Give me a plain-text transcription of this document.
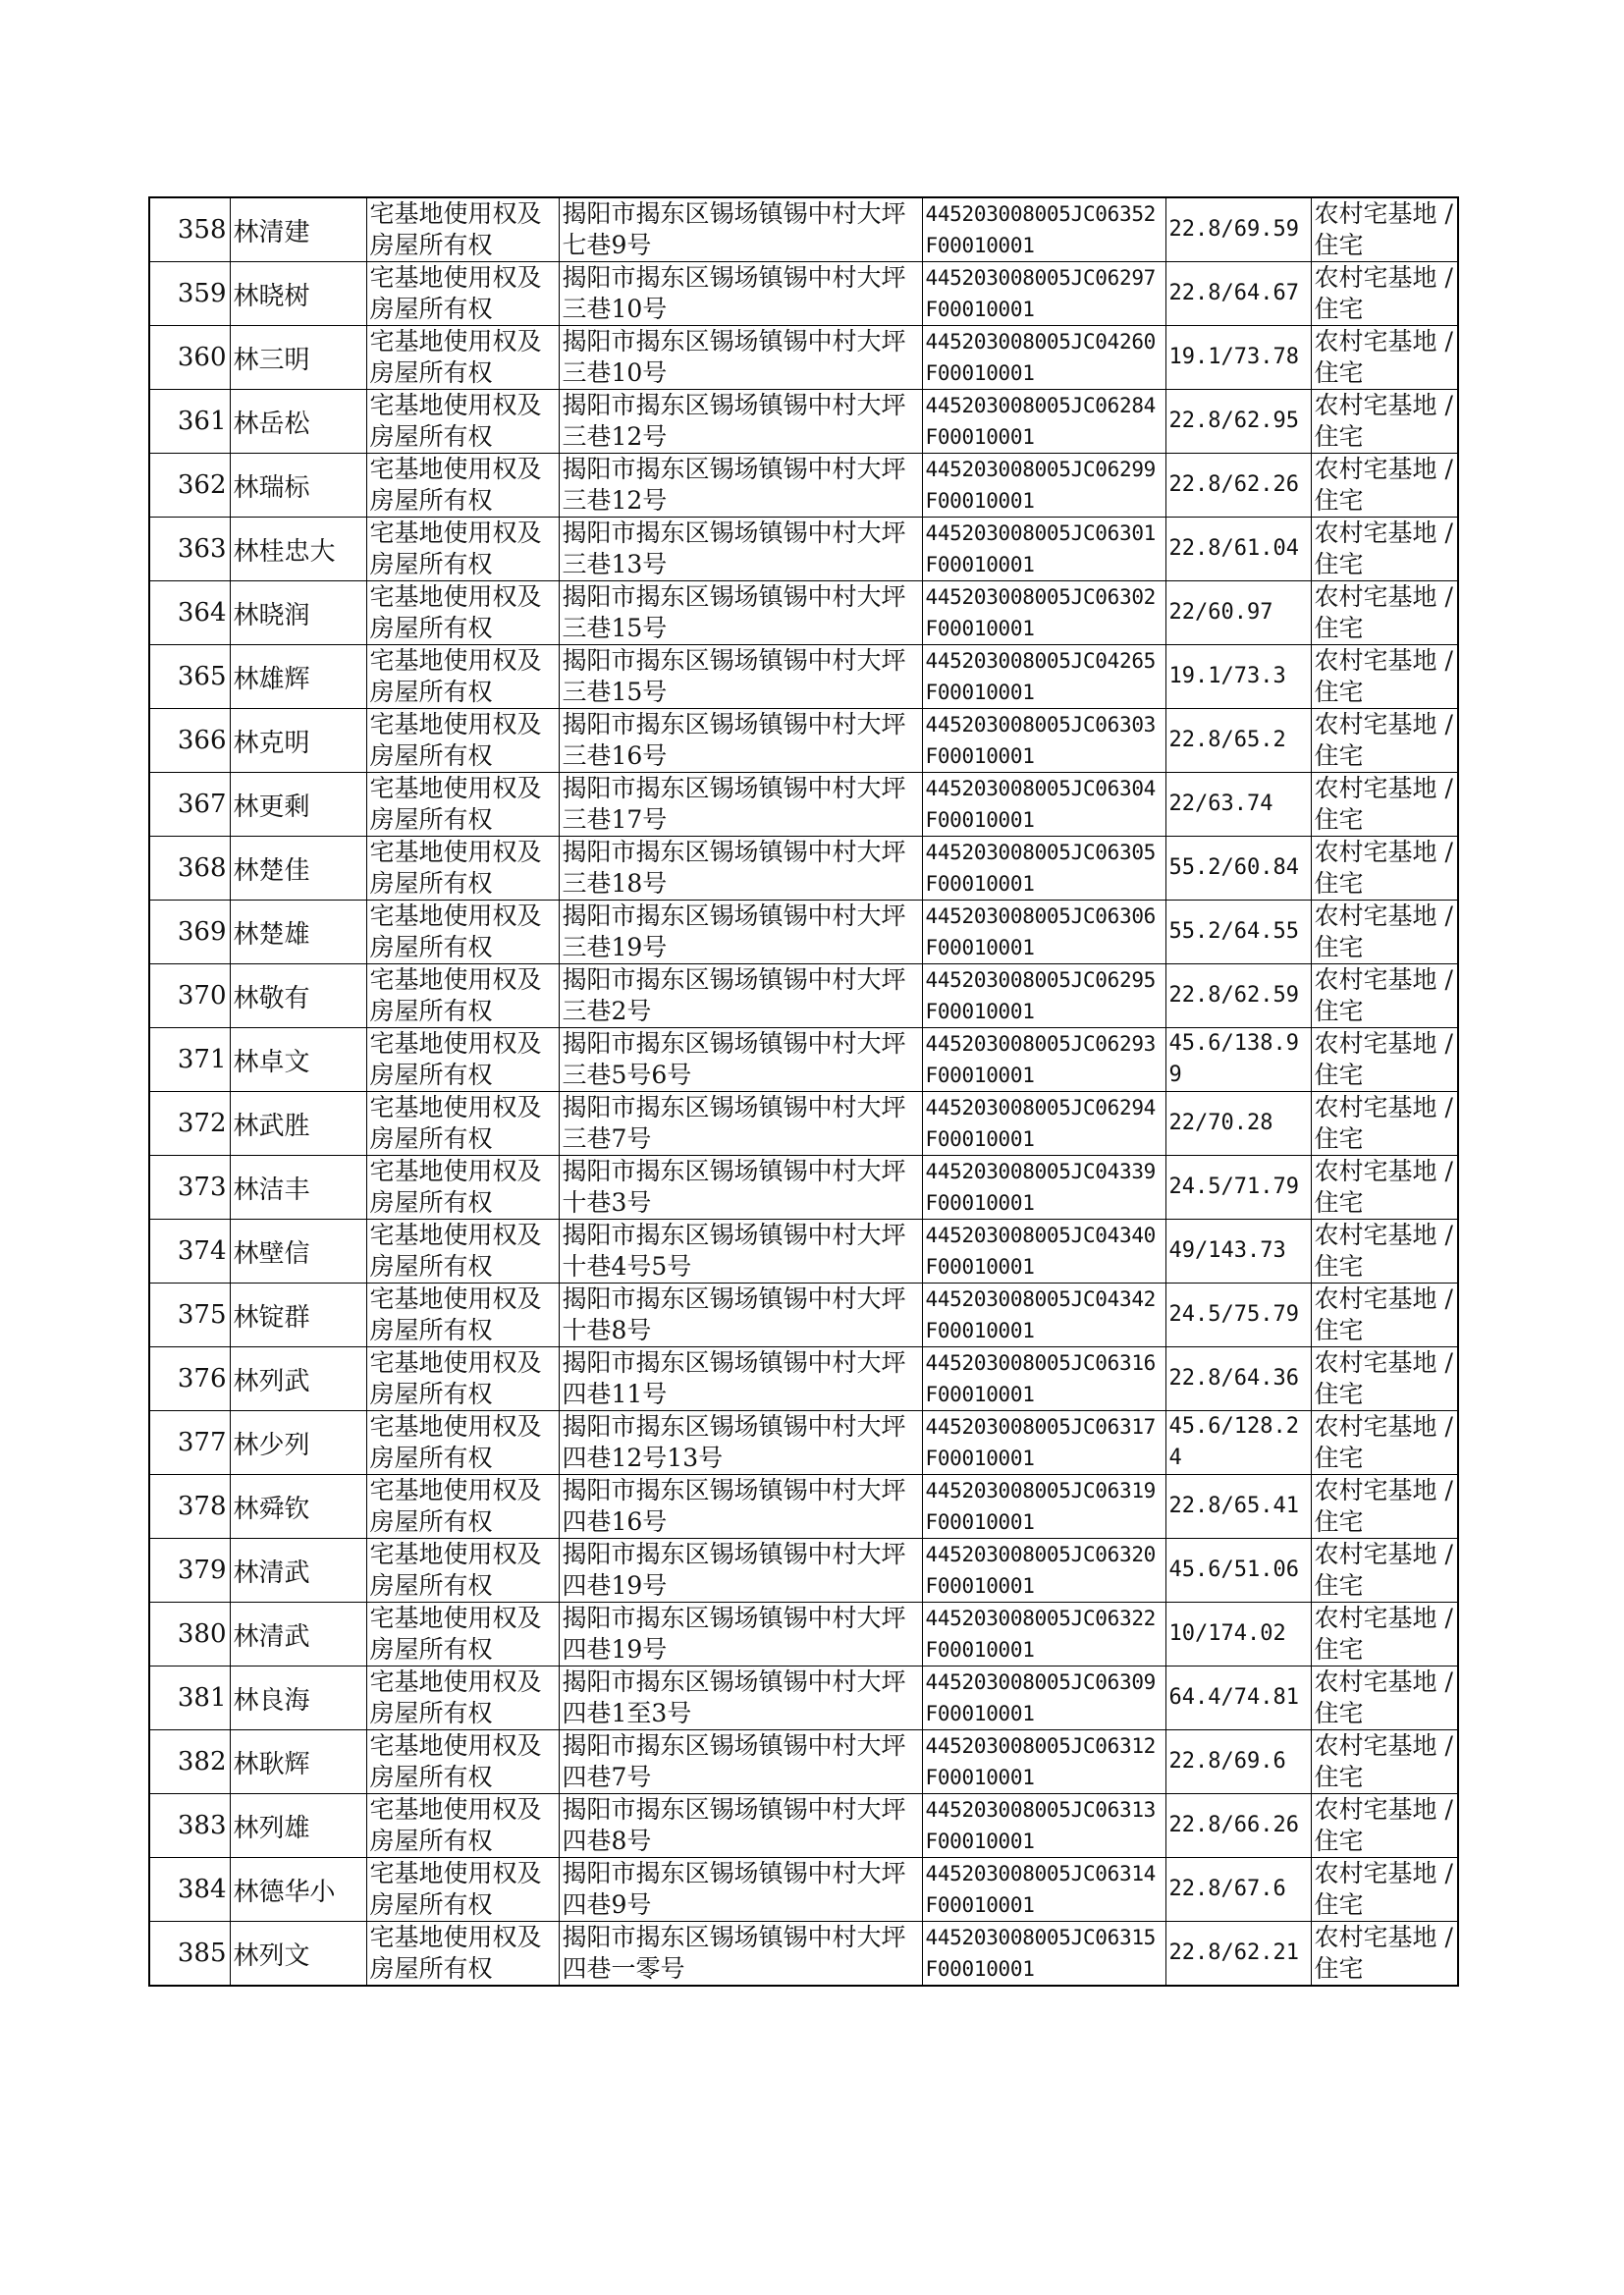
358	林清建	宅基地使用权及房屋所有权	揭阳市揭东区锡场镇锡中村大坪七巷9号	445203008005JC06352F00010001	22.8/69.59	农村宅基地 / 住宅

359	林晓树	宅基地使用权及房屋所有权	揭阳市揭东区锡场镇锡中村大坪三巷10号	445203008005JC06297F00010001	22.8/64.67	农村宅基地 / 住宅

360	林三明	宅基地使用权及房屋所有权	揭阳市揭东区锡场镇锡中村大坪三巷10号	445203008005JC04260F00010001	19.1/73.78	农村宅基地 / 住宅

361	林岳松	宅基地使用权及房屋所有权	揭阳市揭东区锡场镇锡中村大坪三巷12号	445203008005JC06284F00010001	22.8/62.95	农村宅基地 / 住宅

362	林瑞标	宅基地使用权及房屋所有权	揭阳市揭东区锡场镇锡中村大坪三巷12号	445203008005JC06299F00010001	22.8/62.26	农村宅基地 / 住宅

363	林桂忠大	宅基地使用权及房屋所有权	揭阳市揭东区锡场镇锡中村大坪三巷13号	445203008005JC06301F00010001	22.8/61.04	农村宅基地 / 住宅

364	林晓润	宅基地使用权及房屋所有权	揭阳市揭东区锡场镇锡中村大坪三巷15号	445203008005JC06302F00010001	22/60.97	农村宅基地 / 住宅

365	林雄辉	宅基地使用权及房屋所有权	揭阳市揭东区锡场镇锡中村大坪三巷15号	445203008005JC04265F00010001	19.1/73.3	农村宅基地 / 住宅

366	林克明	宅基地使用权及房屋所有权	揭阳市揭东区锡场镇锡中村大坪三巷16号	445203008005JC06303F00010001	22.8/65.2	农村宅基地 / 住宅

367	林更剩	宅基地使用权及房屋所有权	揭阳市揭东区锡场镇锡中村大坪三巷17号	445203008005JC06304F00010001	22/63.74	农村宅基地 / 住宅

368	林楚佳	宅基地使用权及房屋所有权	揭阳市揭东区锡场镇锡中村大坪三巷18号	445203008005JC06305F00010001	55.2/60.84	农村宅基地 / 住宅

369	林楚雄	宅基地使用权及房屋所有权	揭阳市揭东区锡场镇锡中村大坪三巷19号	445203008005JC06306F00010001	55.2/64.55	农村宅基地 / 住宅

370	林敬有	宅基地使用权及房屋所有权	揭阳市揭东区锡场镇锡中村大坪三巷2号	445203008005JC06295F00010001	22.8/62.59	农村宅基地 / 住宅

371	林卓文	宅基地使用权及房屋所有权	揭阳市揭东区锡场镇锡中村大坪三巷5号6号	445203008005JC06293F00010001	45.6/138.99	农村宅基地 / 住宅

372	林武胜	宅基地使用权及房屋所有权	揭阳市揭东区锡场镇锡中村大坪三巷7号	445203008005JC06294F00010001	22/70.28	农村宅基地 / 住宅

373	林洁丰	宅基地使用权及房屋所有权	揭阳市揭东区锡场镇锡中村大坪十巷3号	445203008005JC04339F00010001	24.5/71.79	农村宅基地 / 住宅

374	林壁信	宅基地使用权及房屋所有权	揭阳市揭东区锡场镇锡中村大坪十巷4号5号	445203008005JC04340F00010001	49/143.73	农村宅基地 / 住宅

375	林锭群	宅基地使用权及房屋所有权	揭阳市揭东区锡场镇锡中村大坪十巷8号	445203008005JC04342F00010001	24.5/75.79	农村宅基地 / 住宅

376	林列武	宅基地使用权及房屋所有权	揭阳市揭东区锡场镇锡中村大坪四巷11号	445203008005JC06316F00010001	22.8/64.36	农村宅基地 / 住宅

377	林少列	宅基地使用权及房屋所有权	揭阳市揭东区锡场镇锡中村大坪四巷12号13号	445203008005JC06317F00010001	45.6/128.24	农村宅基地 / 住宅

378	林舜钦	宅基地使用权及房屋所有权	揭阳市揭东区锡场镇锡中村大坪四巷16号	445203008005JC06319F00010001	22.8/65.41	农村宅基地 / 住宅

379	林清武	宅基地使用权及房屋所有权	揭阳市揭东区锡场镇锡中村大坪四巷19号	445203008005JC06320F00010001	45.6/51.06	农村宅基地 / 住宅

380	林清武	宅基地使用权及房屋所有权	揭阳市揭东区锡场镇锡中村大坪四巷19号	445203008005JC06322F00010001	10/174.02	农村宅基地 / 住宅

381	林良海	宅基地使用权及房屋所有权	揭阳市揭东区锡场镇锡中村大坪四巷1至3号	445203008005JC06309F00010001	64.4/74.81	农村宅基地 / 住宅

382	林耿辉	宅基地使用权及房屋所有权	揭阳市揭东区锡场镇锡中村大坪四巷7号	445203008005JC06312F00010001	22.8/69.6	农村宅基地 / 住宅

383	林列雄	宅基地使用权及房屋所有权	揭阳市揭东区锡场镇锡中村大坪四巷8号	445203008005JC06313F00010001	22.8/66.26	农村宅基地 / 住宅

384	林德华小	宅基地使用权及房屋所有权	揭阳市揭东区锡场镇锡中村大坪四巷9号	445203008005JC06314F00010001	22.8/67.6	农村宅基地 / 住宅

385	林列文	宅基地使用权及房屋所有权	揭阳市揭东区锡场镇锡中村大坪四巷一零号	445203008005JC06315F00010001	22.8/62.21	农村宅基地 / 住宅
